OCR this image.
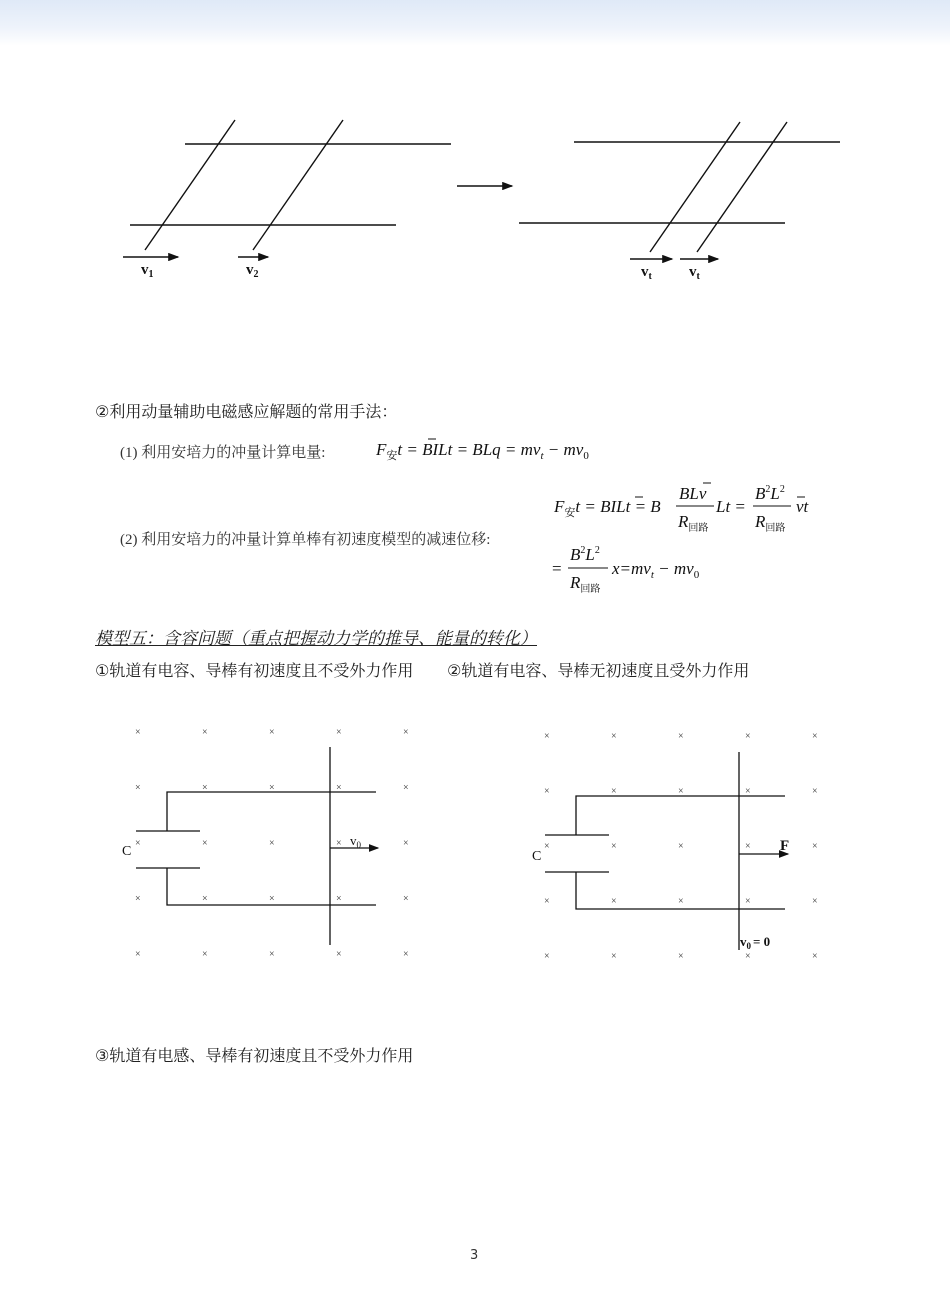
$v_1$	$v_2$	$v_t$ $v_t$
②利用动量辅助电磁感应解题的常用手法：
(1) 利用安培力的冲量计算电量:	$F_安t$ = BILt = BLq = $mv_t - mv_0$
(2) 利用安培力的冲量计算单棒有初速度模型的减速位移:
$F_安t$ = BILt = B
BLv
$R_{回路}$
Lt =
$B^2L^2$
$R_{回路}$
vt
=
$B^2L^2$
$R_{回路}$
$x=mv_t - mv_0$
模型五：含容问题（重点把握动力学的推导、能量的转化）
①轨道有电容、导棒有初速度且不受外力作用 ②轨道有电容、导棒无初速度且受外力作用
×	×	×	×	×
×	×	×	×	×
×	×	×	×	×
×	×	×	×	×
×	×	×	×	×
C
$v_0$
×	×	×	×	×
×	×	×	×	×
×	×	×	×	×
×	×	×	×	×
×	×	×	×	×
C
F
$v_0 = 0$
③轨道有电感、导棒有初速度且不受外力作用
3
